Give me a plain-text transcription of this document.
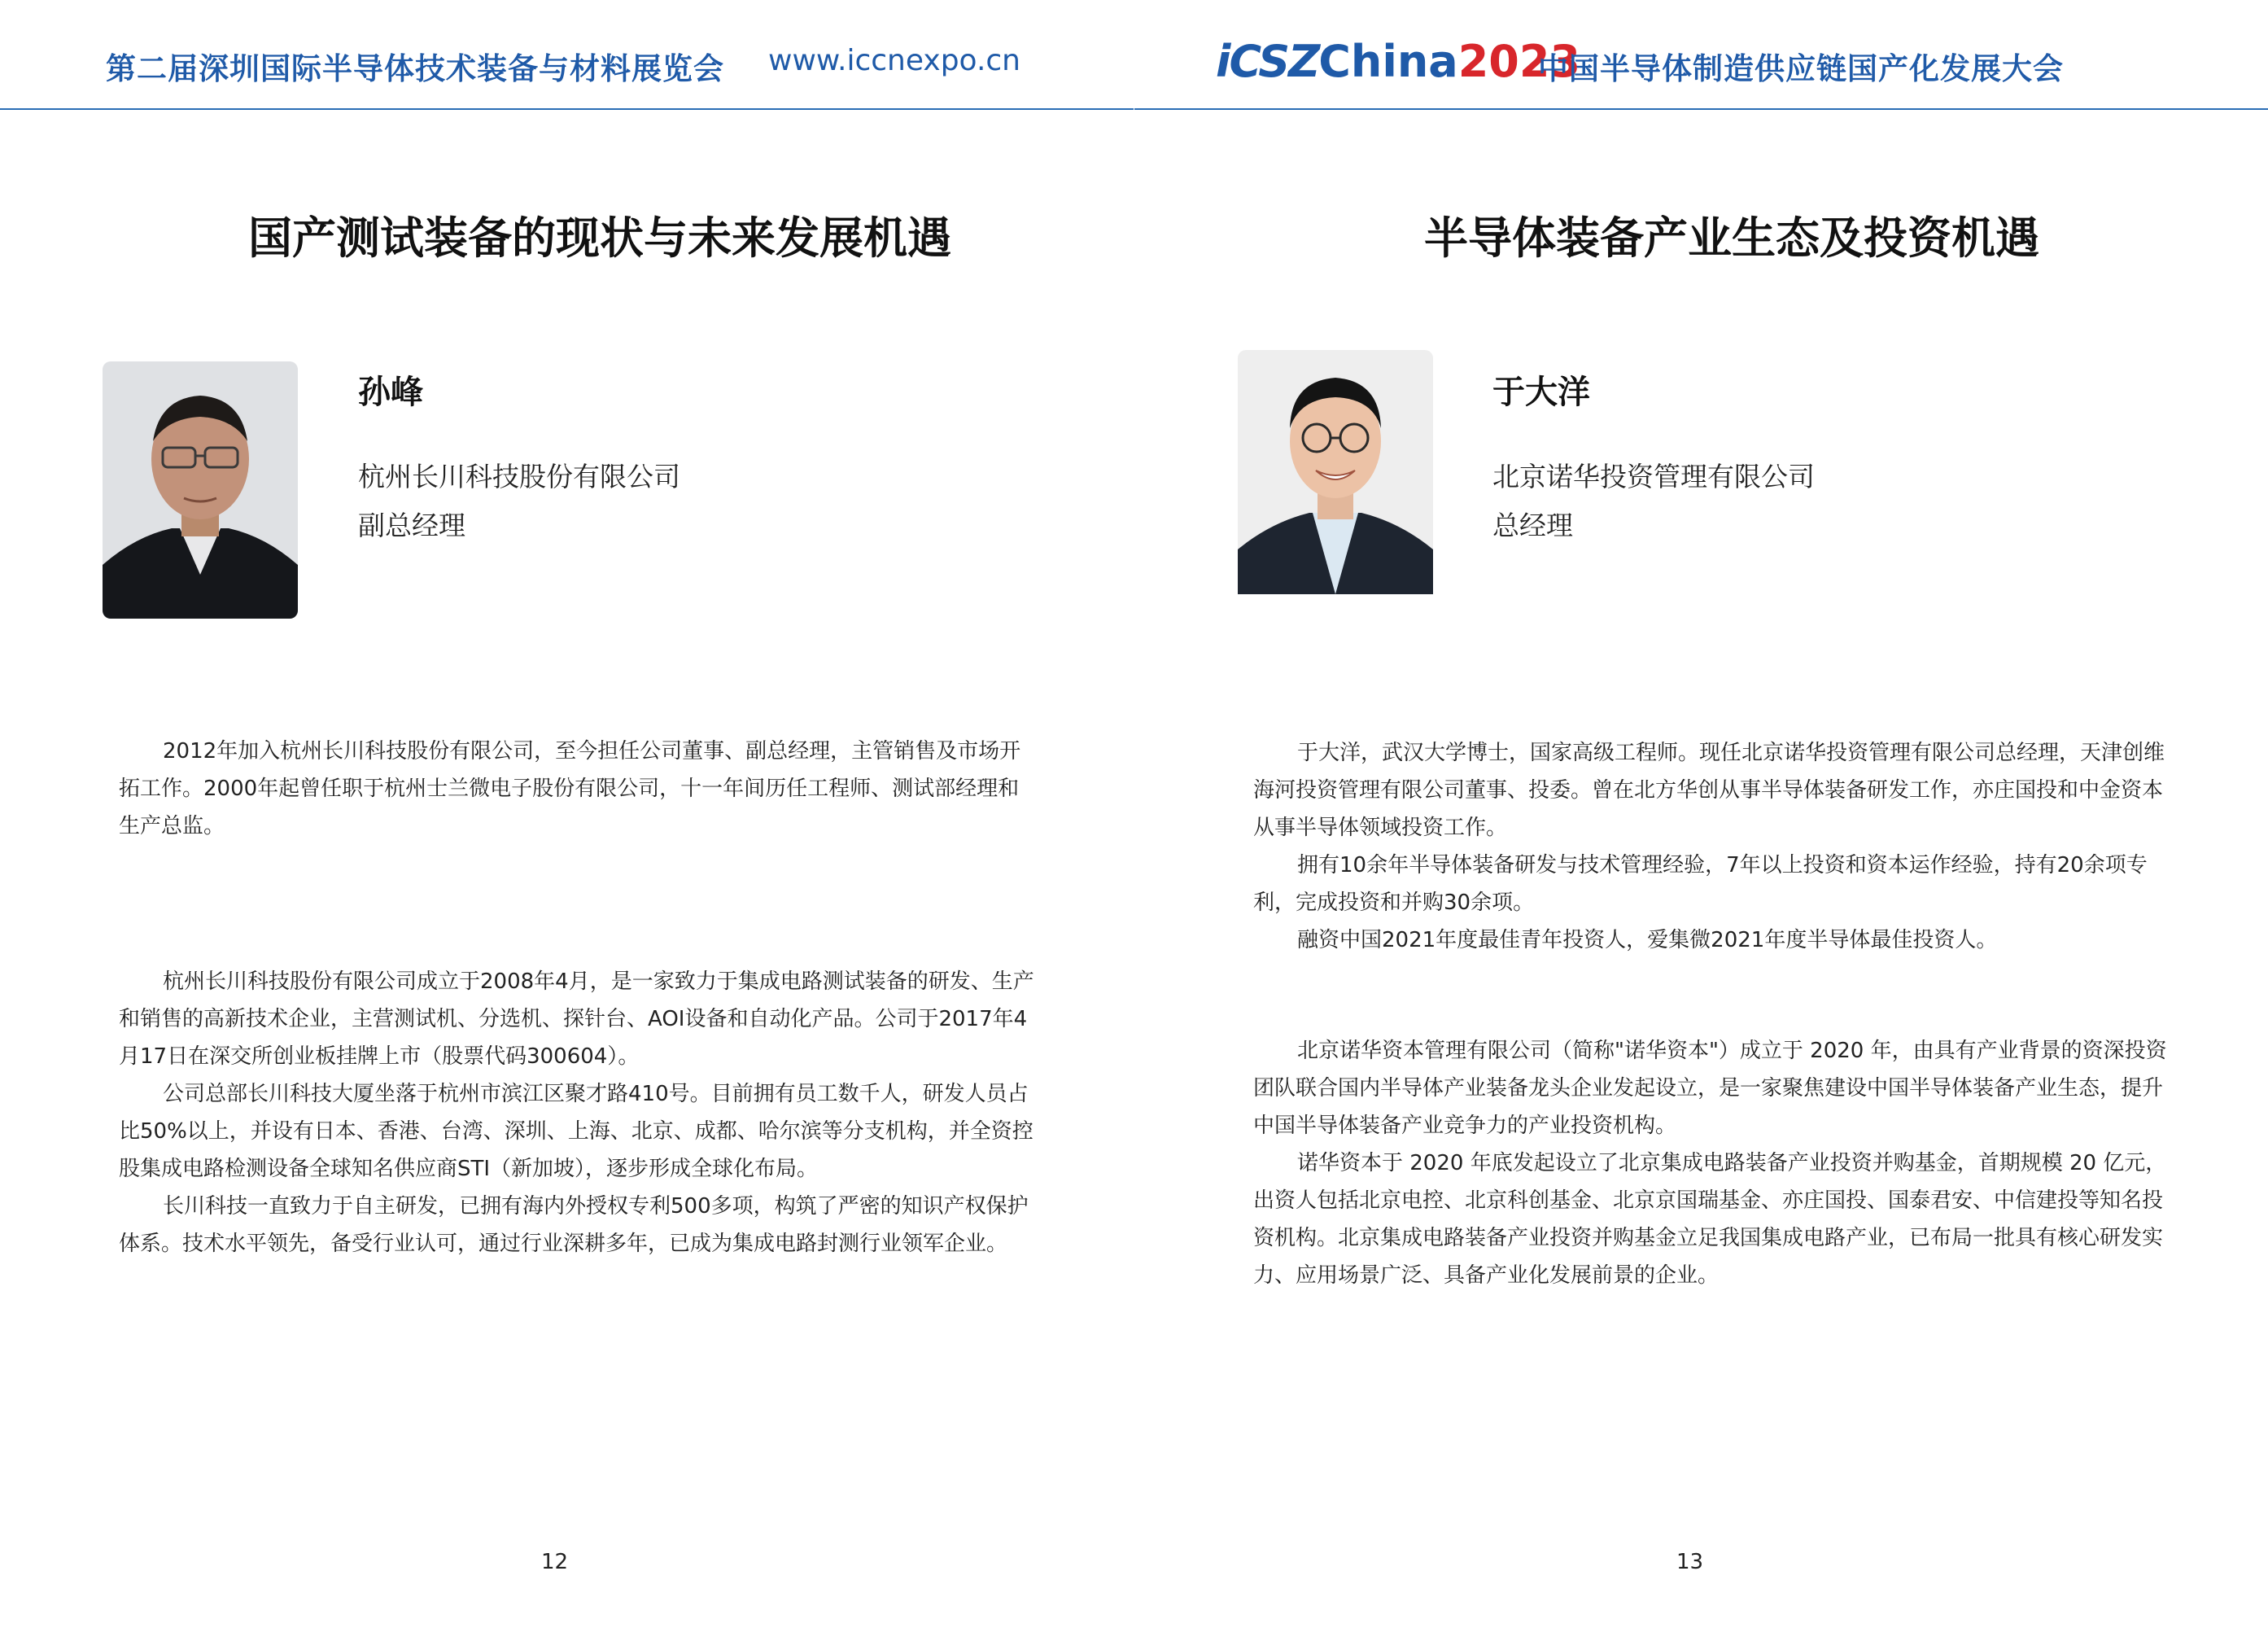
第二届深圳国际半导体技术装备与材料展览会 www.iccnexpo.cn
国产测试装备的现状与未来发展机遇
孙峰
杭州长川科技股份有限公司
副总经理

2012年加入杭州长川科技股份有限公司，至今担任公司董事、副总经理，主管销售及市场开拓工作。2000年起曾任职于杭州士兰微电子股份有限公司，十一年间历任工程师、测试部经理和生产总监。

杭州长川科技股份有限公司成立于2008年4月，是一家致力于集成电路测试装备的研发、生产和销售的高新技术企业，主营测试机、分选机、探针台、AOI设备和自动化产品。公司于2017年4月17日在深交所创业板挂牌上市（股票代码300604）。

公司总部长川科技大厦坐落于杭州市滨江区聚才路410号。目前拥有员工数千人，研发人员占比50%以上，并设有日本、香港、台湾、深圳、上海、北京、成都、哈尔滨等分支机构，并全资控股集成电路检测设备全球知名供应商STI（新加坡），逐步形成全球化布局。

长川科技一直致力于自主研发，已拥有海内外授权专利500多项，构筑了严密的知识产权保护体系。技术水平领先，备受行业认可，通过行业深耕多年，已成为集成电路封测行业领军企业。

12
iCSZChina2023
中国半导体制造供应链国产化发展大会
半导体装备产业生态及投资机遇
于大洋
北京诺华投资管理有限公司
总经理

于大洋，武汉大学博士，国家高级工程师。现任北京诺华投资管理有限公司总经理，天津创维海河投资管理有限公司董事、投委。曾在北方华创从事半导体装备研发工作，亦庄国投和中金资本从事半导体领域投资工作。

拥有10余年半导体装备研发与技术管理经验，7年以上投资和资本运作经验，持有20余项专利，完成投资和并购30余项。

融资中国2021年度最佳青年投资人，爱集微2021年度半导体最佳投资人。

北京诺华资本管理有限公司（简称"诺华资本"）成立于 2020 年，由具有产业背景的资深投资团队联合国内半导体产业装备龙头企业发起设立，是一家聚焦建设中国半导体装备产业生态，提升中国半导体装备产业竞争力的产业投资机构。

诺华资本于 2020 年底发起设立了北京集成电路装备产业投资并购基金，首期规模 20 亿元，出资人包括北京电控、北京科创基金、北京京国瑞基金、亦庄国投、国泰君安、中信建投等知名投资机构。北京集成电路装备产业投资并购基金立足我国集成电路产业，已布局一批具有核心研发实力、应用场景广泛、具备产业化发展前景的企业。

13
